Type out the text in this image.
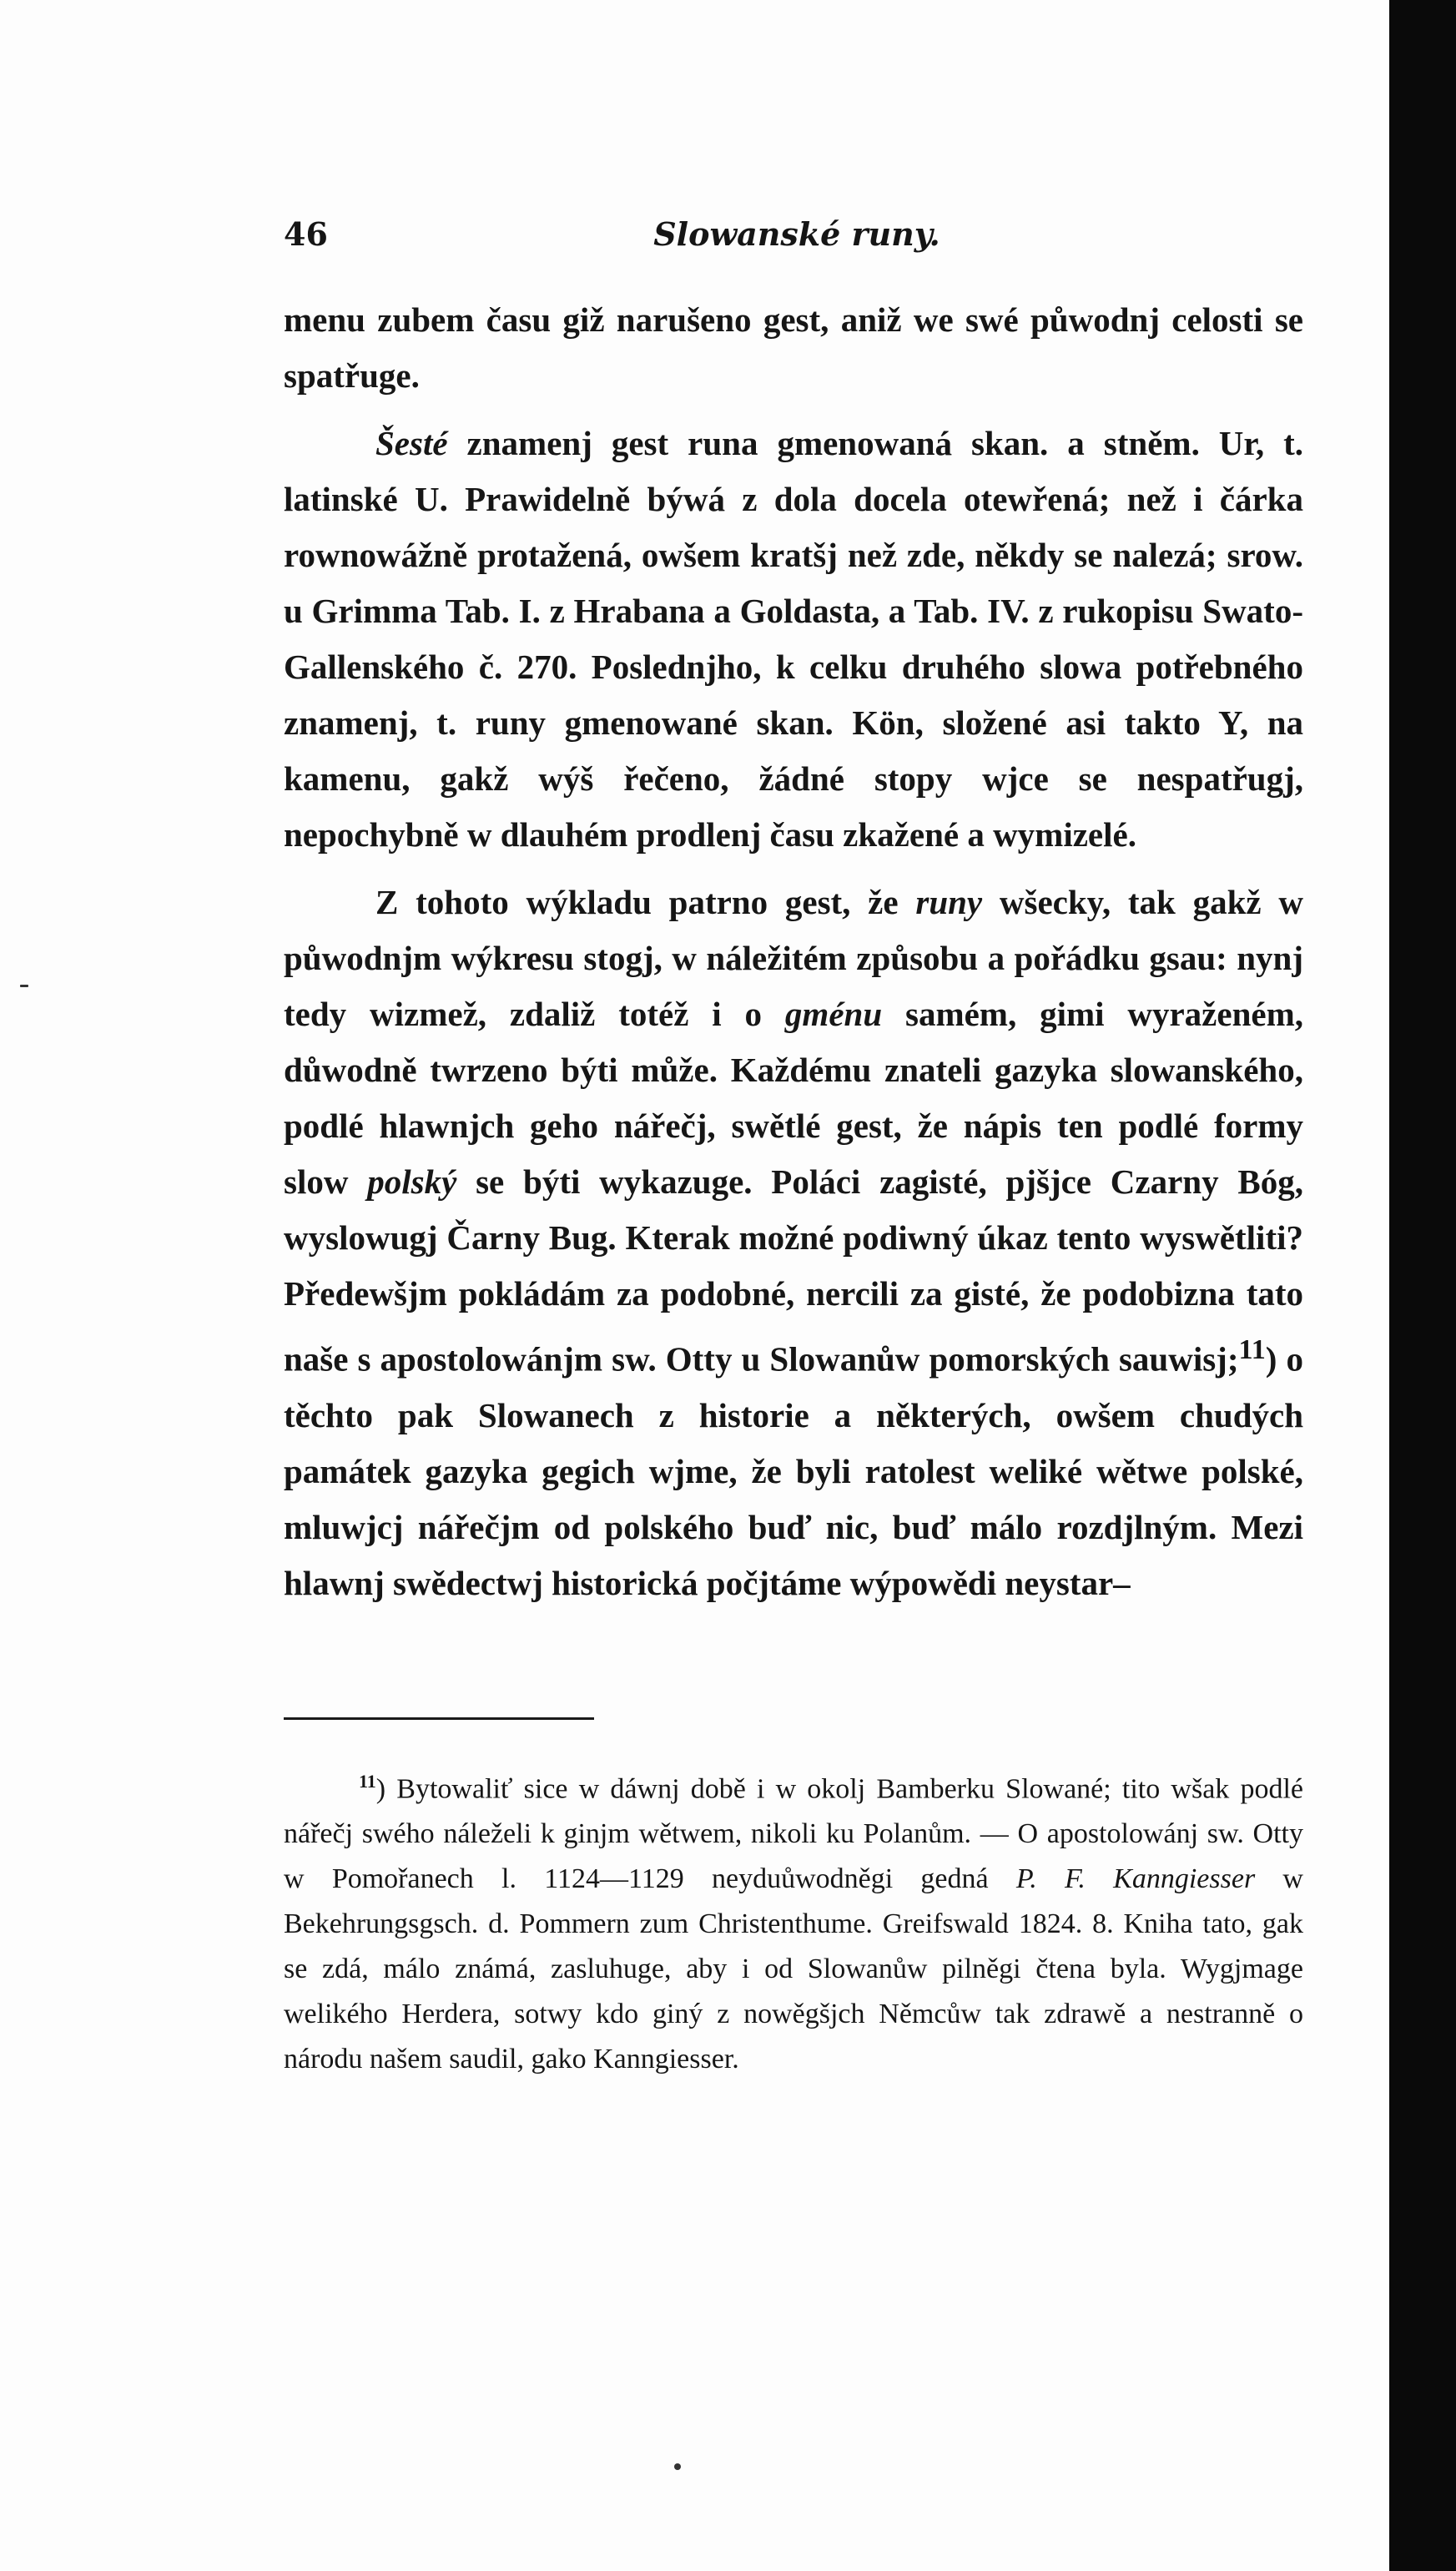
46	Slowanské runy.

menu zubem času giž narušeno gest, aniž we swé půwodnj celosti se spatřuge.

Šesté znamenj gest runa gmenowaná skan. a stněm. Ur, t. latinské U. Prawidelně býwá z dola docela otewřená; než i čárka rownowážně protažená, owšem kratšj než zde, někdy se nalezá; srow. u Grimma Tab. I. z Hrabana a Goldasta, a Tab. IV. z rukopisu Swato-Gallenského č. 270. Poslednjho, k celku druhého slowa potřebného znamenj, t. runy gmenowané skan. Kön, složené asi takto Y, na kamenu, gakž wýš řečeno, žádné stopy wjce se nespatřugj, nepochybně w dlauhém prodlenj času zkažené a wymizelé.

Z tohoto wýkladu patrno gest, že runy wšecky, tak gakž w půwodnjm wýkresu stogj, w náležitém způsobu a pořádku gsau: nynj tedy wizmež, zdaliž totéž i o gménu samém, gimi wyraženém, důwodně twrzeno býti může. Každému znateli gazyka slowanského, podlé hlawnjch geho nářečj, swětlé gest, že nápis ten podlé formy slow polský se býti wykazuge. Poláci zagisté, pjšjce Czarny Bóg, wyslowugj Čarny Bug. Kterak možné podiwný úkaz tento wyswětliti? Předewšjm pokládám za podobné, nercili za gisté, že podobizna tato naše s apostolowánjm sw. Otty u Slowanůw pomorských sauwisj;$^{11}$) o těchto pak Slowanech z historie a některých, owšem chudých památek gazyka gegich wjme, že byli ratolest weliké wětwe polské, mluwjcj nářečjm od polského buď nic, buď málo rozdjlným. Mezi hlawnj swědectwj historická počjtáme wýpowědi neystar–

$^{11}$) Bytowaliť sice w dáwnj době i w okolj Bamberku Slowané; tito wšak podlé nářečj swého náleželi k ginjm wětwem, nikoli ku Polanům. — O apostolowánj sw. Otty w Pomořanech l. 1124—1129 neyduůwodněgi gedná P. F. Kanngiesser w Bekehrungsgsch. d. Pommern zum Christenthume. Greifswald 1824. 8. Kniha tato, gak se zdá, málo známá, zasluhuge, aby i od Slowanůw pilněgi čtena byla. Wygjmage welikého Herdera, sotwy kdo giný z nowěgšjch Němcůw tak zdrawě a nestranně o národu našem saudil, gako Kanngiesser.
